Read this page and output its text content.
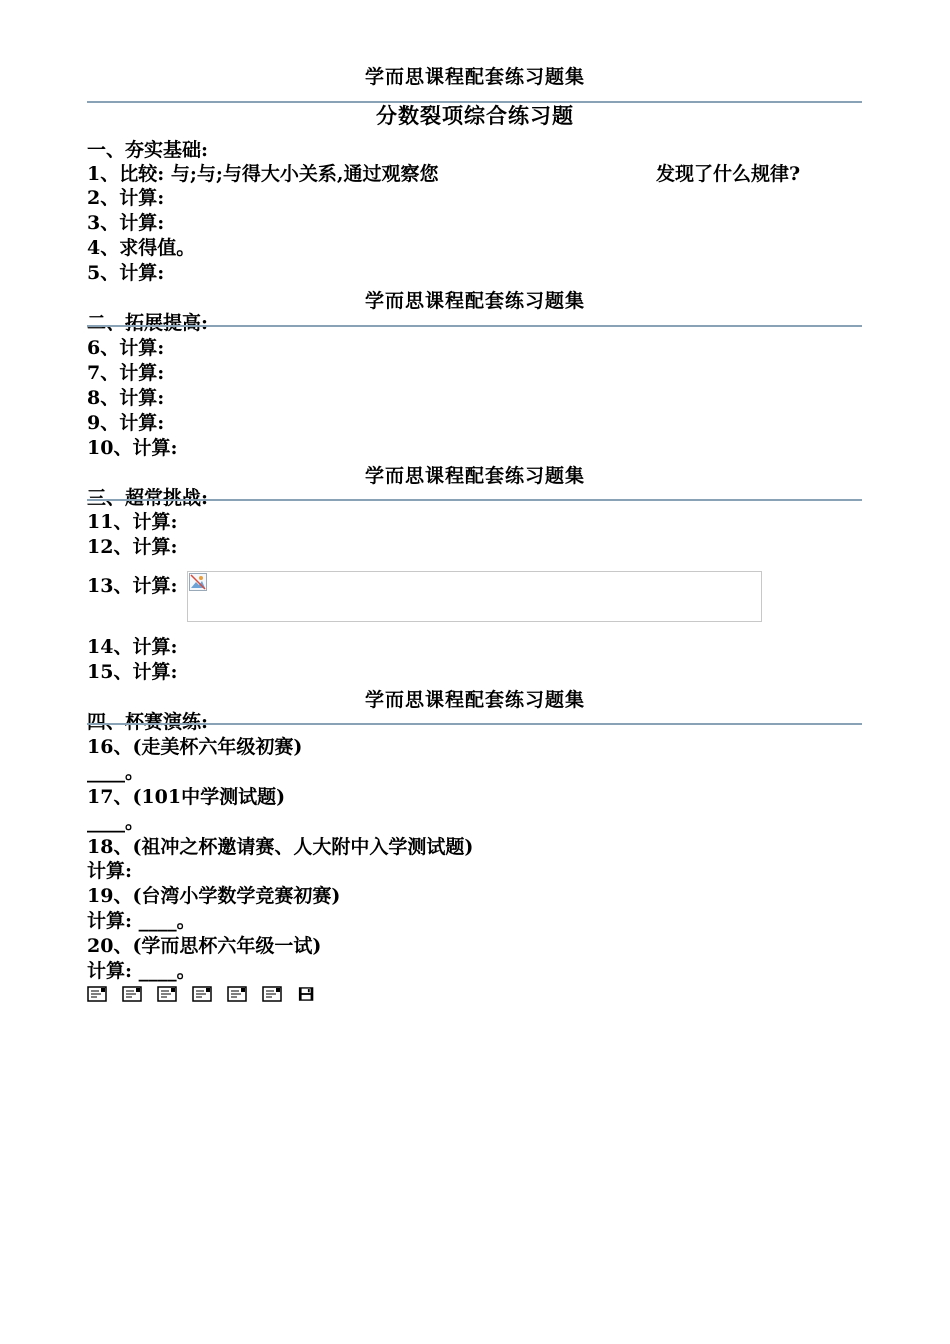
学而思课程配套练习题集
分数裂项综合练习题
一、夯实基础:
1、比较: 与;与;与得大小关系,通过观察您	发现了什么规律?
2、计算:
3、计算:
4、求得值。
5、计算:
学而思课程配套练习题集
二、拓展提高:
6、计算:
7、计算:
8、计算:
9、计算:
10、计算:
学而思课程配套练习题集
三、超常挑战:
11、计算:
12、计算:
13、计算:
14、计算:
15、计算:
学而思课程配套练习题集
四、杯赛演练:
16、(走美杯六年级初赛)
____。
17、(101中学测试题)
____。
18、(祖冲之杯邀请赛、人大附中入学测试题)
计算:
19、(台湾小学数学竞赛初赛)
计算: ____。
20、(学而思杯六年级一试)
计算: ____。
